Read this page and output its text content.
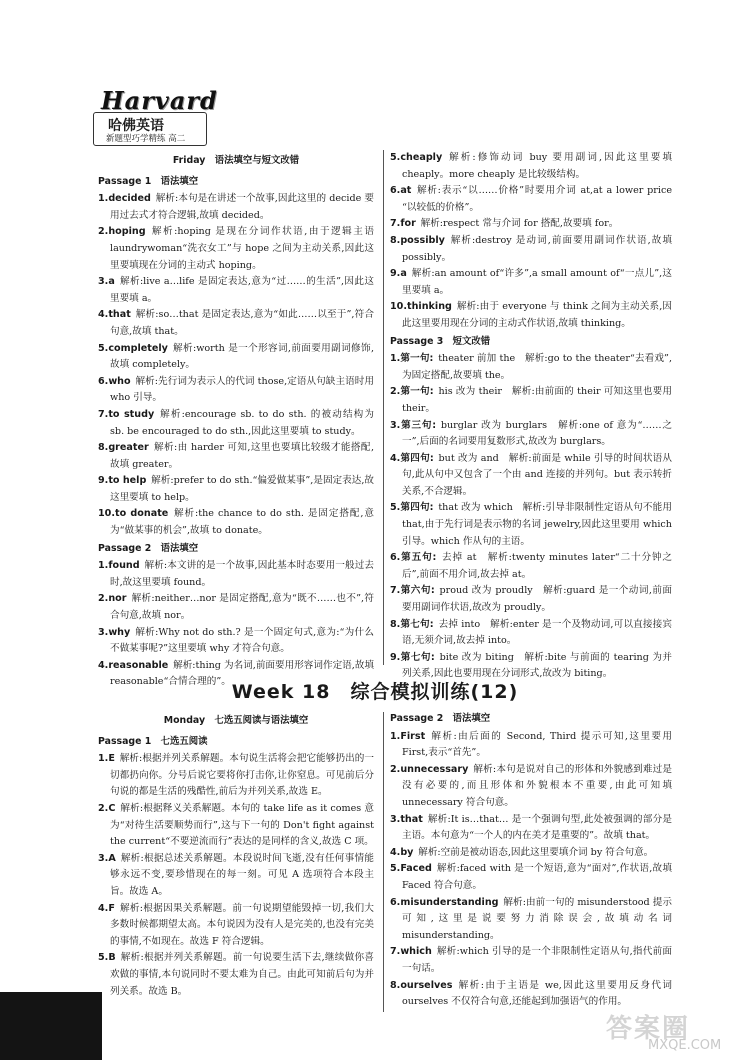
Harvard
哈佛英语
新题型巧学精练 高二

Friday　语法填空与短文改错

Passage 1　语法填空

1.decided  解析:本句是在讲述一个故事,因此这里的 decide 要用过去式才符合逻辑,故填 decided。

2.hoping  解析:hoping 是现在分词作状语,由于逻辑主语 laundrywoman“洗衣女工”与 hope 之间为主动关系,因此这里要填现在分词的主动式 hoping。

3.a  解析:live a…life 是固定表达,意为“过……的生活”,因此这里要填 a。

4.that  解析:so…that 是固定表达,意为“如此……以至于”,符合句意,故填 that。

5.completely  解析:worth 是一个形容词,前面要用副词修饰,故填 completely。

6.who  解析:先行词为表示人的代词 those,定语从句缺主语时用 who 引导。

7.to study  解析:encourage sb. to do sth. 的被动结构为 sb. be encouraged to do sth.,因此这里要填 to study。

8.greater  解析:由 harder 可知,这里也要填比较级才能搭配,故填 greater。

9.to help  解析:prefer to do sth.“偏爱做某事”,是固定表达,故这里要填 to help。

10.to donate  解析:the chance to do sth. 是固定搭配,意为“做某事的机会”,故填 to donate。

Passage 2　语法填空

1.found  解析:本文讲的是一个故事,因此基本时态要用一般过去时,故这里要填 found。

2.nor  解析:neither…nor 是固定搭配,意为“既不……也不”,符合句意,故填 nor。

3.why  解析:Why not do sth.? 是一个固定句式,意为:“为什么不做某事呢?”这里要填 why 才符合句意。

4.reasonable  解析:thing 为名词,前面要用形容词作定语,故填 reasonable“合情合理的”。

5.cheaply  解析:修饰动词 buy 要用副词,因此这里要填 cheaply。more cheaply 是比较级结构。

6.at  解析:表示“以……价格”时要用介词 at,at a lower price “以较低的价格”。

7.for  解析:respect 常与介词 for 搭配,故要填 for。

8.possibly  解析:destroy 是动词,前面要用副词作状语,故填 possibly。

9.a  解析:an amount of“许多”,a small amount of“一点儿”,这里要填 a。

10.thinking  解析:由于 everyone 与 think 之间为主动关系,因此这里要用现在分词的主动式作状语,故填 thinking。

Passage 3　短文改错

1.第一句:  theater 前加 the　解析:go to the theater“去看戏”,为固定搭配,故要填 the。

2.第一句:  his 改为 their　解析:由前面的 their 可知这里也要用 their。

3.第三句:  burglar 改为 burglars　解析:one of 意为“……之一”,后面的名词要用复数形式,故改为 burglars。

4.第四句:  but 改为 and　解析:前面是 while 引导的时间状语从句,此从句中又包含了一个由 and 连接的并列句。but 表示转折关系,不合逻辑。

5.第四句:  that 改为 which　解析:引导非限制性定语从句不能用 that,由于先行词是表示物的名词 jewelry,因此这里要用 which 引导。which 作从句的主语。

6.第五句:  去掉 at　解析:twenty minutes later“二十分钟之后”,前面不用介词,故去掉 at。

7.第六句:  proud 改为 proudly　解析:guard 是一个动词,前面要用副词作状语,故改为 proudly。

8.第七句:  去掉 into　解析:enter 是一个及物动词,可以直接接宾语,无须介词,故去掉 into。

9.第七句:  bite 改为 biting　解析:bite 与前面的 tearing 为并列关系,因此也要用现在分词形式,故改为 biting。

Week 18　综合模拟训练(12)

Monday　七选五阅读与语法填空

Passage 1　七选五阅读

1.E  解析:根据并列关系解题。本句说生活将会把它能够扔出的一切都扔向你。分号后说它要将你打击你,让你窒息。可见前后分句说的都是生活的残酷性,前后为并列关系,故选 E。

2.C  解析:根据释义关系解题。本句的 take life as it comes 意为“对待生活要顺势而行”,这与下一句的 Don't fight against the current“不要逆流而行”表达的是同样的含义,故选 C 项。

3.A  解析:根据总述关系解题。本段说时间飞逝,没有任何事情能够永远不变,要珍惜现在的每一刻。可见 A 选项符合本段主旨。故选 A。

4.F  解析:根据因果关系解题。前一句说期望能毁掉一切,我们大多数时候都期望太高。本句说因为没有人是完美的,也没有完美的事情,不如现在。故选 F 符合逻辑。

5.B  解析:根据并列关系解题。前一句说要生活下去,继续做你喜欢做的事情,本句说同时不要太难为自己。由此可知前后句为并列关系。故选 B。

Passage 2　语法填空

1.First  解析:由后面的 Second, Third 提示可知,这里要用 First,表示“首先”。

2.unnecessary  解析:本句是说对自己的形体和外貌感到难过是没有必要的,而且形体和外貌根本不重要,由此可知填 unnecessary 符合句意。

3.that  解析:It is…that… 是一个强调句型,此处被强调的部分是主语。本句意为“一个人的内在美才是重要的”。故填 that。

4.by  解析:空前是被动语态,因此这里要填介词 by 符合句意。

5.Faced  解析:faced with 是一个短语,意为“面对”,作状语,故填 Faced 符合句意。

6.misunderstanding  解析:由前一句的 misunderstood 提示可知,这里是说要努力消除误会,故填动名词 misunderstanding。

7.which  解析:which 引导的是一个非限制性定语从句,指代前面一句话。

8.ourselves  解析:由于主语是 we,因此这里要用反身代词 ourselves 不仅符合句意,还能起到加强语气的作用。

答案圈
MXQE.COM
